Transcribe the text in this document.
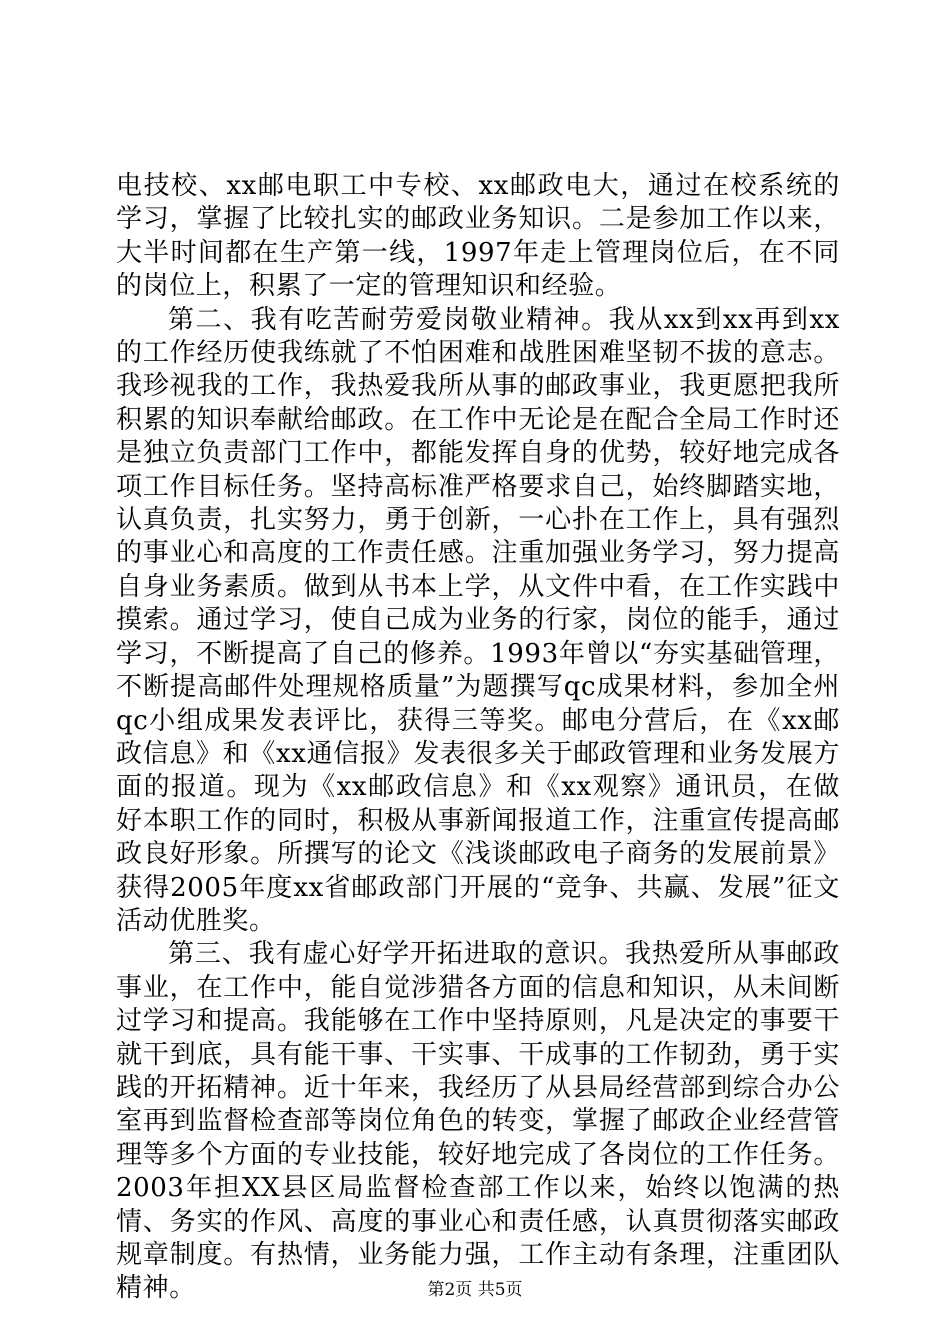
电技校、xx邮电职工中专校、xx邮政电大，通过在校系统的学习，掌握了比较扎实的邮政业务知识。二是参加工作以来，大半时间都在生产第一线，1997年走上管理岗位后，在不同的岗位上，积累了一定的管理知识和经验。

第二、我有吃苦耐劳爱岗敬业精神。我从xx到xx再到xx的工作经历使我练就了不怕困难和战胜困难坚韧不拔的意志。我珍视我的工作，我热爱我所从事的邮政事业，我更愿把我所积累的知识奉献给邮政。在工作中无论是在配合全局工作时还是独立负责部门工作中，都能发挥自身的优势，较好地完成各项工作目标任务。坚持高标准严格要求自己，始终脚踏实地，认真负责，扎实努力，勇于创新，一心扑在工作上，具有强烈的事业心和高度的工作责任感。注重加强业务学习，努力提高自身业务素质。做到从书本上学，从文件中看，在工作实践中摸索。通过学习，使自己成为业务的行家，岗位的能手，通过学习，不断提高了自己的修养。1993年曾以“夯实基础管理，不断提高邮件处理规格质量”为题撰写qc成果材料，参加全州qc小组成果发表评比，获得三等奖。邮电分营后，在《xx邮政信息》和《xx通信报》发表很多关于邮政管理和业务发展方面的报道。现为《xx邮政信息》和《xx观察》通讯员，在做好本职工作的同时，积极从事新闻报道工作，注重宣传提高邮政良好形象。所撰写的论文《浅谈邮政电子商务的发展前景》获得2005年度xx省邮政部门开展的“竞争、共赢、发展”征文活动优胜奖。

第三、我有虚心好学开拓进取的意识。我热爱所从事邮政事业，在工作中，能自觉涉猎各方面的信息和知识，从未间断过学习和提高。我能够在工作中坚持原则，凡是决定的事要干就干到底，具有能干事、干实事、干成事的工作韧劲，勇于实践的开拓精神。近十年来，我经历了从县局经营部到综合办公室再到监督检查部等岗位角色的转变，掌握了邮政企业经营管理等多个方面的专业技能，较好地完成了各岗位的工作任务。2003年担XX县区局监督检查部工作以来，始终以饱满的热情、务实的作风、高度的事业心和责任感，认真贯彻落实邮政规章制度。有热情，业务能力强，工作主动有条理，注重团队精神。	第2页 共5页
